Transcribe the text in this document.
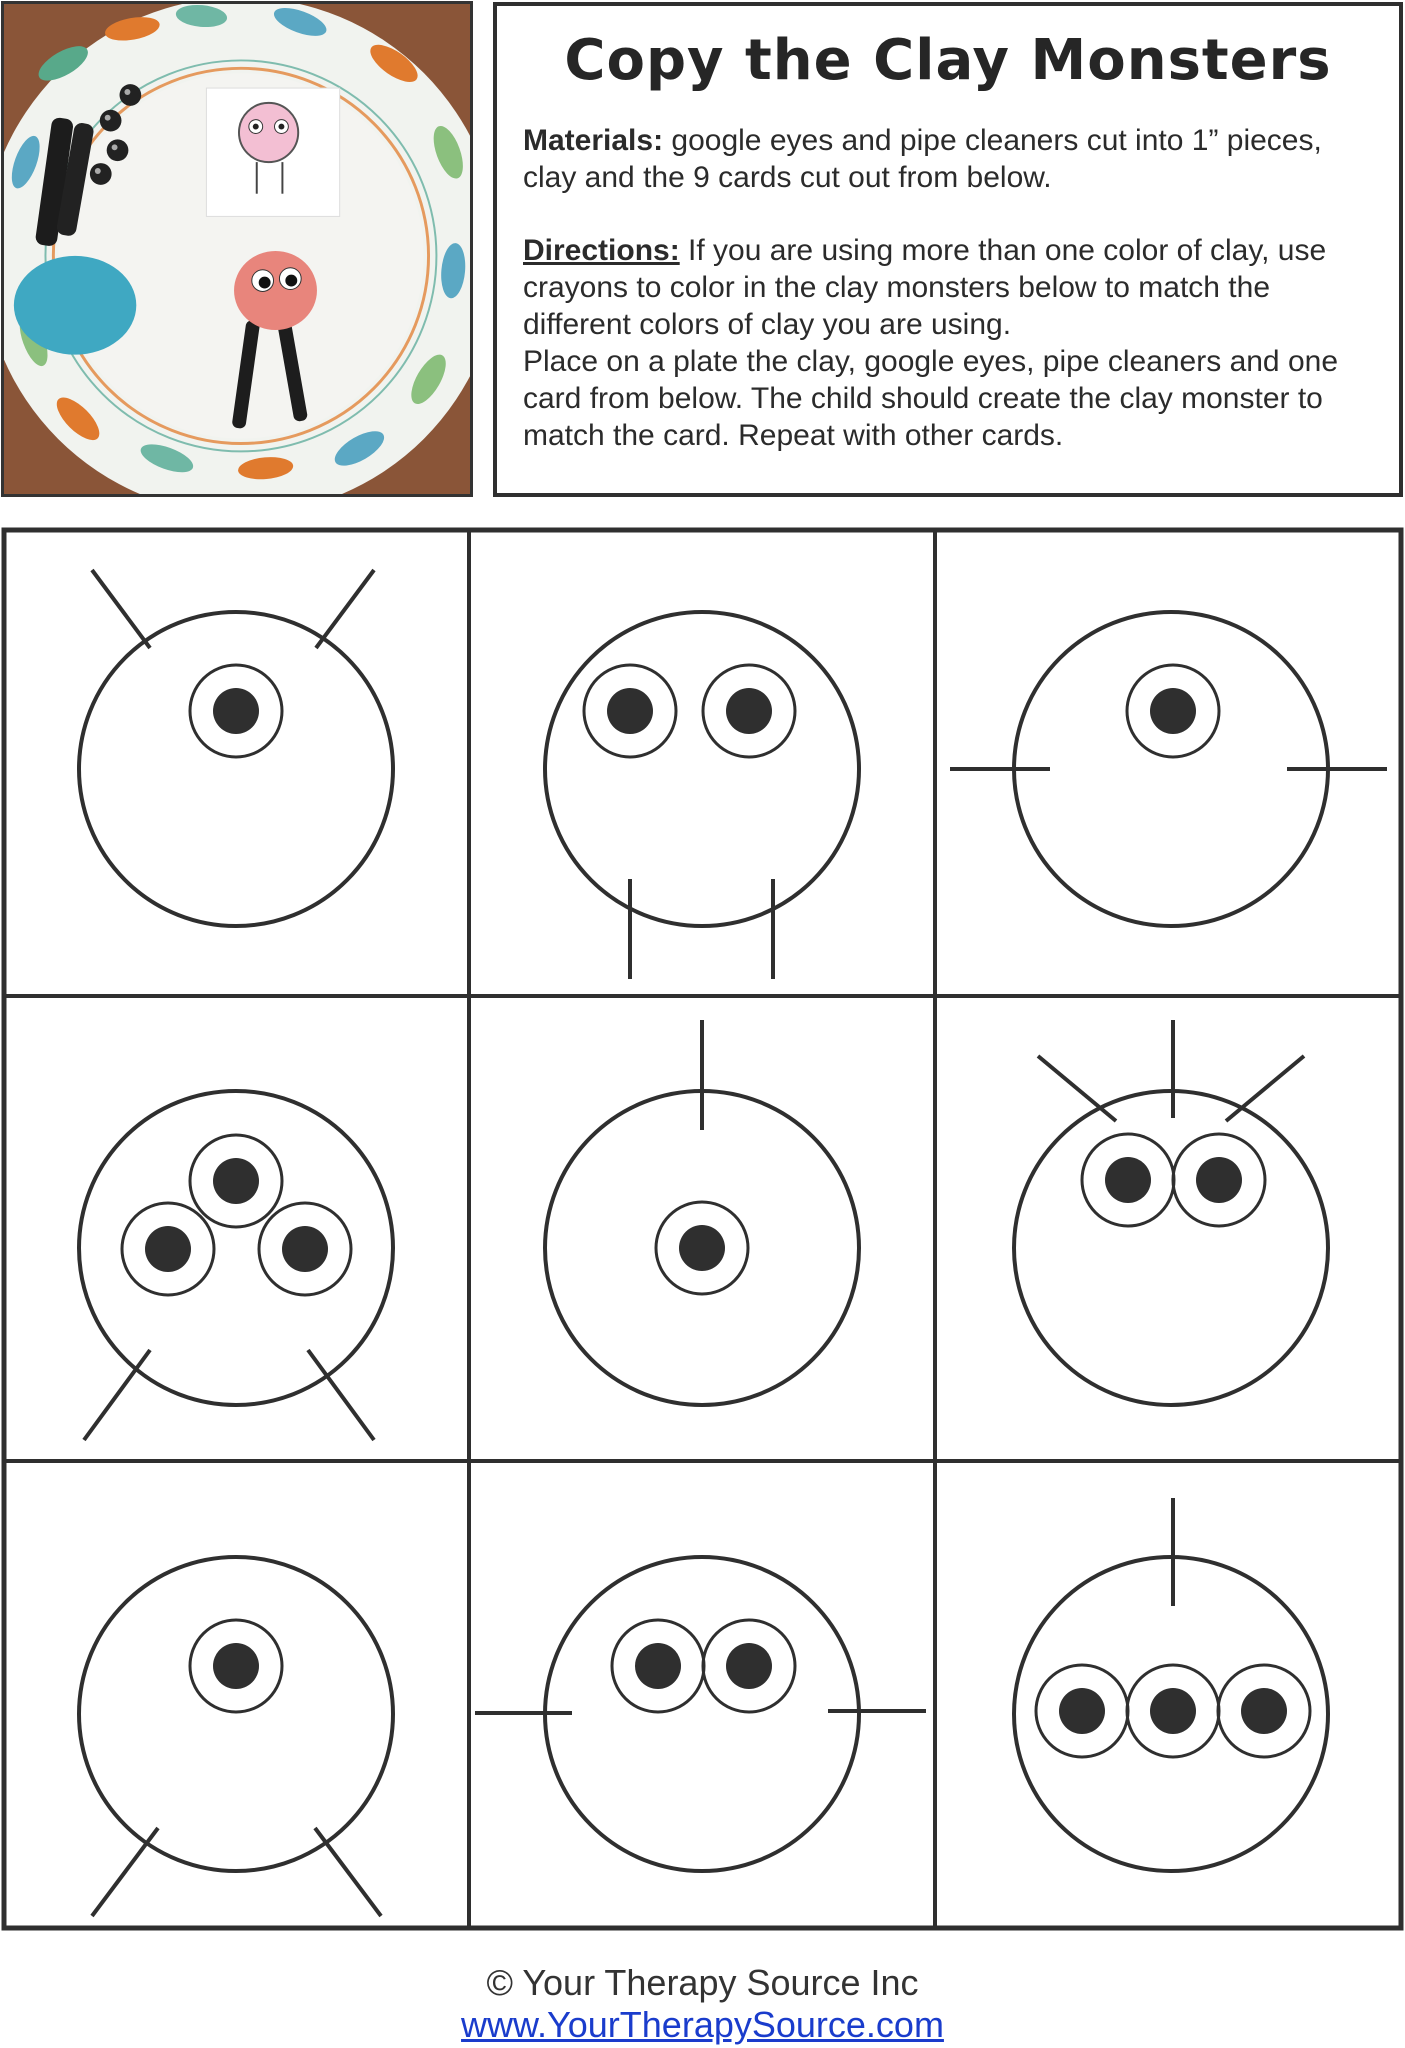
Copy the Clay Monsters
Materials: google eyes and pipe cleaners cut into 1” pieces, clay and the 9 cards cut out from below.
Directions: If you are using more than one color of clay, use crayons to color in the clay monsters below to match the different colors of clay you are using.
Place on a plate the clay, google eyes, pipe cleaners and one card from below. The child should create the clay monster to match the card. Repeat with other cards.
© Your Therapy Source Inc
www.YourTherapySource.com
